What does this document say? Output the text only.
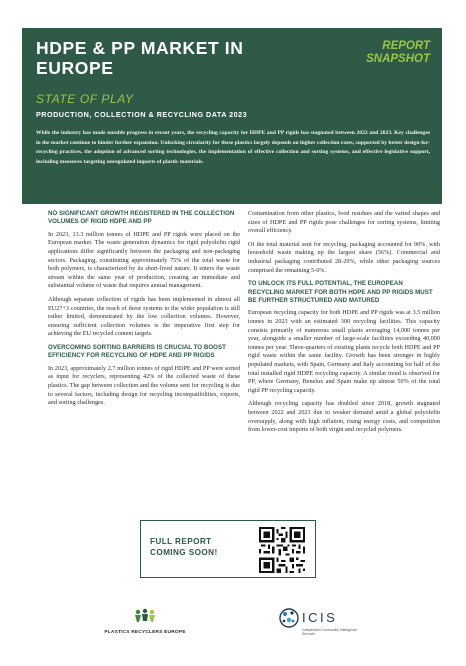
HDPE & PP MARKET IN EUROPE
REPORT SNAPSHOT
STATE OF PLAY
PRODUCTION, COLLECTION & RECYCLING DATA 2023
While the industry has made notable progress in recent years, the recycling capacity for HDPE and PP rigids has stagnated between 2022 and 2023. Key challenges in the market continue to hinder further expansion. Unlocking circularity for these plastics largely depends on higher collection rates, supported by better design-for-recycling practices, the adoption of advanced sorting technologies, the implementation of effective collection and sorting systems, and effective legislative support, including measures targeting unregulated imports of plastic materials.
NO SIGNIFICANT GROWTH REGISTERED IN THE COLLECTION VOLUMES OF RIGID HDPE AND PP

In 2023, 13.3 million tonnes of HDPE and PP rigids were placed on the European market. The waste generation dynamics for rigid polyolefin rigid applications differ significantly between the packaging and non-packaging sectors. Packaging, constituting approximately 75% of the total waste for both polymers, is characterized by its short-lived nature. It enters the waste stream within the same year of production, creating an immediate and substantial volume of waste that requires annual management.

Although separate collection of rigids has been implemented in almost all EU27+3 countries, the reach of these systems to the wider population is still rather limited, demonstrated by the low collection volumes. However, ensuring sufficient collection volumes is the imperative first step for achieving the EU recycled content targets.

OVERCOMING SORTING BARRIERS IS CRUCIAL TO BOOST EFFICIENCY FOR RECYCLING OF HDPE AND PP RIGIDS

In 2023, approximately 2.7 million tonnes of rigid HDPE and PP were sorted as input for recyclers, representing 42% of the collected waste of these plastics. The gap between collection and the volume sent for recycling is due to several factors, including design for recycling incompatibilities, exports, and sorting challenges.

Contamination from other plastics, food residues and the varied shapes and sizes of HDPE and PP rigids pose challenges for sorting systems, limiting overall efficiency.

Of the total material sent for recycling, packaging accounted for 90%, with household waste making up the largest share (56%). Commercial and industrial packaging contributed 28-29%, while other packaging sources comprised the remaining 5-6%.

TO UNLOCK ITS FULL POTENTIAL, THE EUROPEAN RECYCLING MARKET FOR BOTH HDPE AND PP RIGIDS MUST BE FURTHER STRUCTURED AND MATURED

European recycling capacity for both HDPE and PP rigids was at 3.5 million tonnes in 2023 with an estimated 300 recycling facilities. This capacity consists primarily of numerous small plants averaging 14,000 tonnes per year, alongside a smaller number of large-scale facilities exceeding 40,000 tonnes per year. Three-quarters of existing plants recycle both HDPE and PP rigid waste within the same facility. Growth has been stronger in highly populated markets, with Spain, Germany and Italy accounting for half of the total installed rigid HDPE recycling capacity. A similar trend is observed for PP, where Germany, Benelux and Spain make up almost 50% of the total rigid PP recycling capacity.

Although recycling capacity has doubled since 2018, growth stagnated between 2022 and 2023 due to weaker demand amid a global polyolefin oversupply, along with high inflation, rising energy costs, and competition from lower-cost imports of both virgin and recycled polymers.

FULL REPORT COMING SOON!
PLASTICS RECYCLERS EUROPE
ICIS
Independent Commodity Intelligence Services
